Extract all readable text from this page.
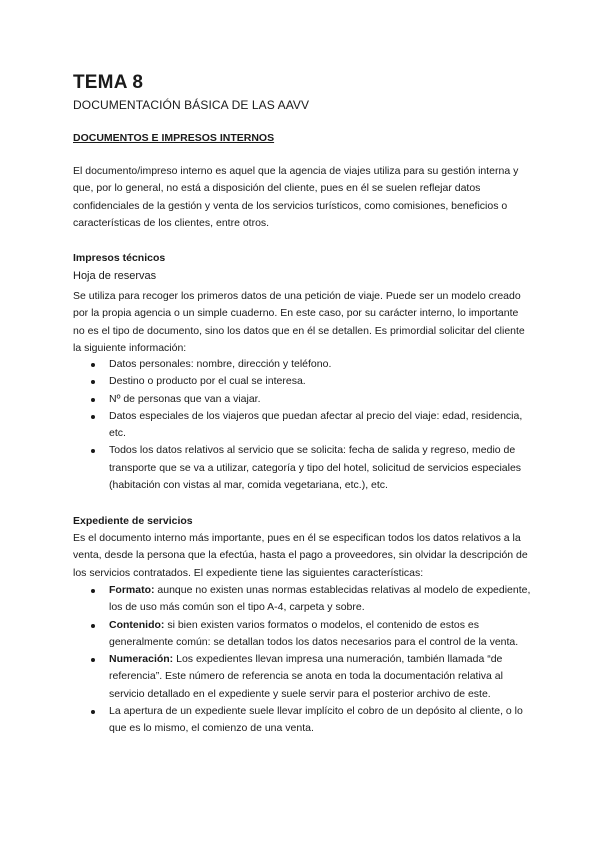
TEMA 8
DOCUMENTACIÓN BÁSICA DE LAS AAVV
DOCUMENTOS E IMPRESOS INTERNOS

El documento/impreso interno es aquel que la agencia de viajes utiliza para su gestión interna y que, por lo general, no está a disposición del cliente, pues en él se suelen reflejar datos confidenciales de la gestión y venta de los servicios turísticos, como comisiones, beneficios o características de los clientes, entre otros.

Impresos técnicos
Hoja de reservas

Se utiliza para recoger los primeros datos de una petición de viaje. Puede ser un modelo creado por la propia agencia o un simple cuaderno. En este caso, por su carácter interno, lo importante no es el tipo de documento, sino los datos que en él se detallen. Es primordial solicitar del cliente la siguiente información:

Datos personales: nombre, dirección y teléfono.
Destino o producto por el cual se interesa.
Nº de personas que van a viajar.
Datos especiales de los viajeros que puedan afectar al precio del viaje: edad, residencia, etc.
Todos los datos relativos al servicio que se solicita: fecha de salida y regreso, medio de transporte que se va a utilizar, categoría y tipo del hotel, solicitud de servicios especiales (habitación con vistas al mar, comida vegetariana, etc.), etc.
Expediente de servicios

Es el documento interno más importante, pues en él se especifican todos los datos relativos a la venta, desde la persona que la efectúa, hasta el pago a proveedores, sin olvidar la descripción de los servicios contratados. El expediente tiene las siguientes características:

Formato: aunque no existen unas normas establecidas relativas al modelo de expediente, los de uso más común son el tipo A-4, carpeta y sobre.
Contenido: si bien existen varios formatos o modelos, el contenido de estos es generalmente común: se detallan todos los datos necesarios para el control de la venta.
Numeración: Los expedientes llevan impresa una numeración, también llamada “de referencia”. Este número de referencia se anota en toda la documentación relativa al servicio detallado en el expediente y suele servir para el posterior archivo de este.
La apertura de un expediente suele llevar implícito el cobro de un depósito al cliente, o lo que es lo mismo, el comienzo de una venta.
